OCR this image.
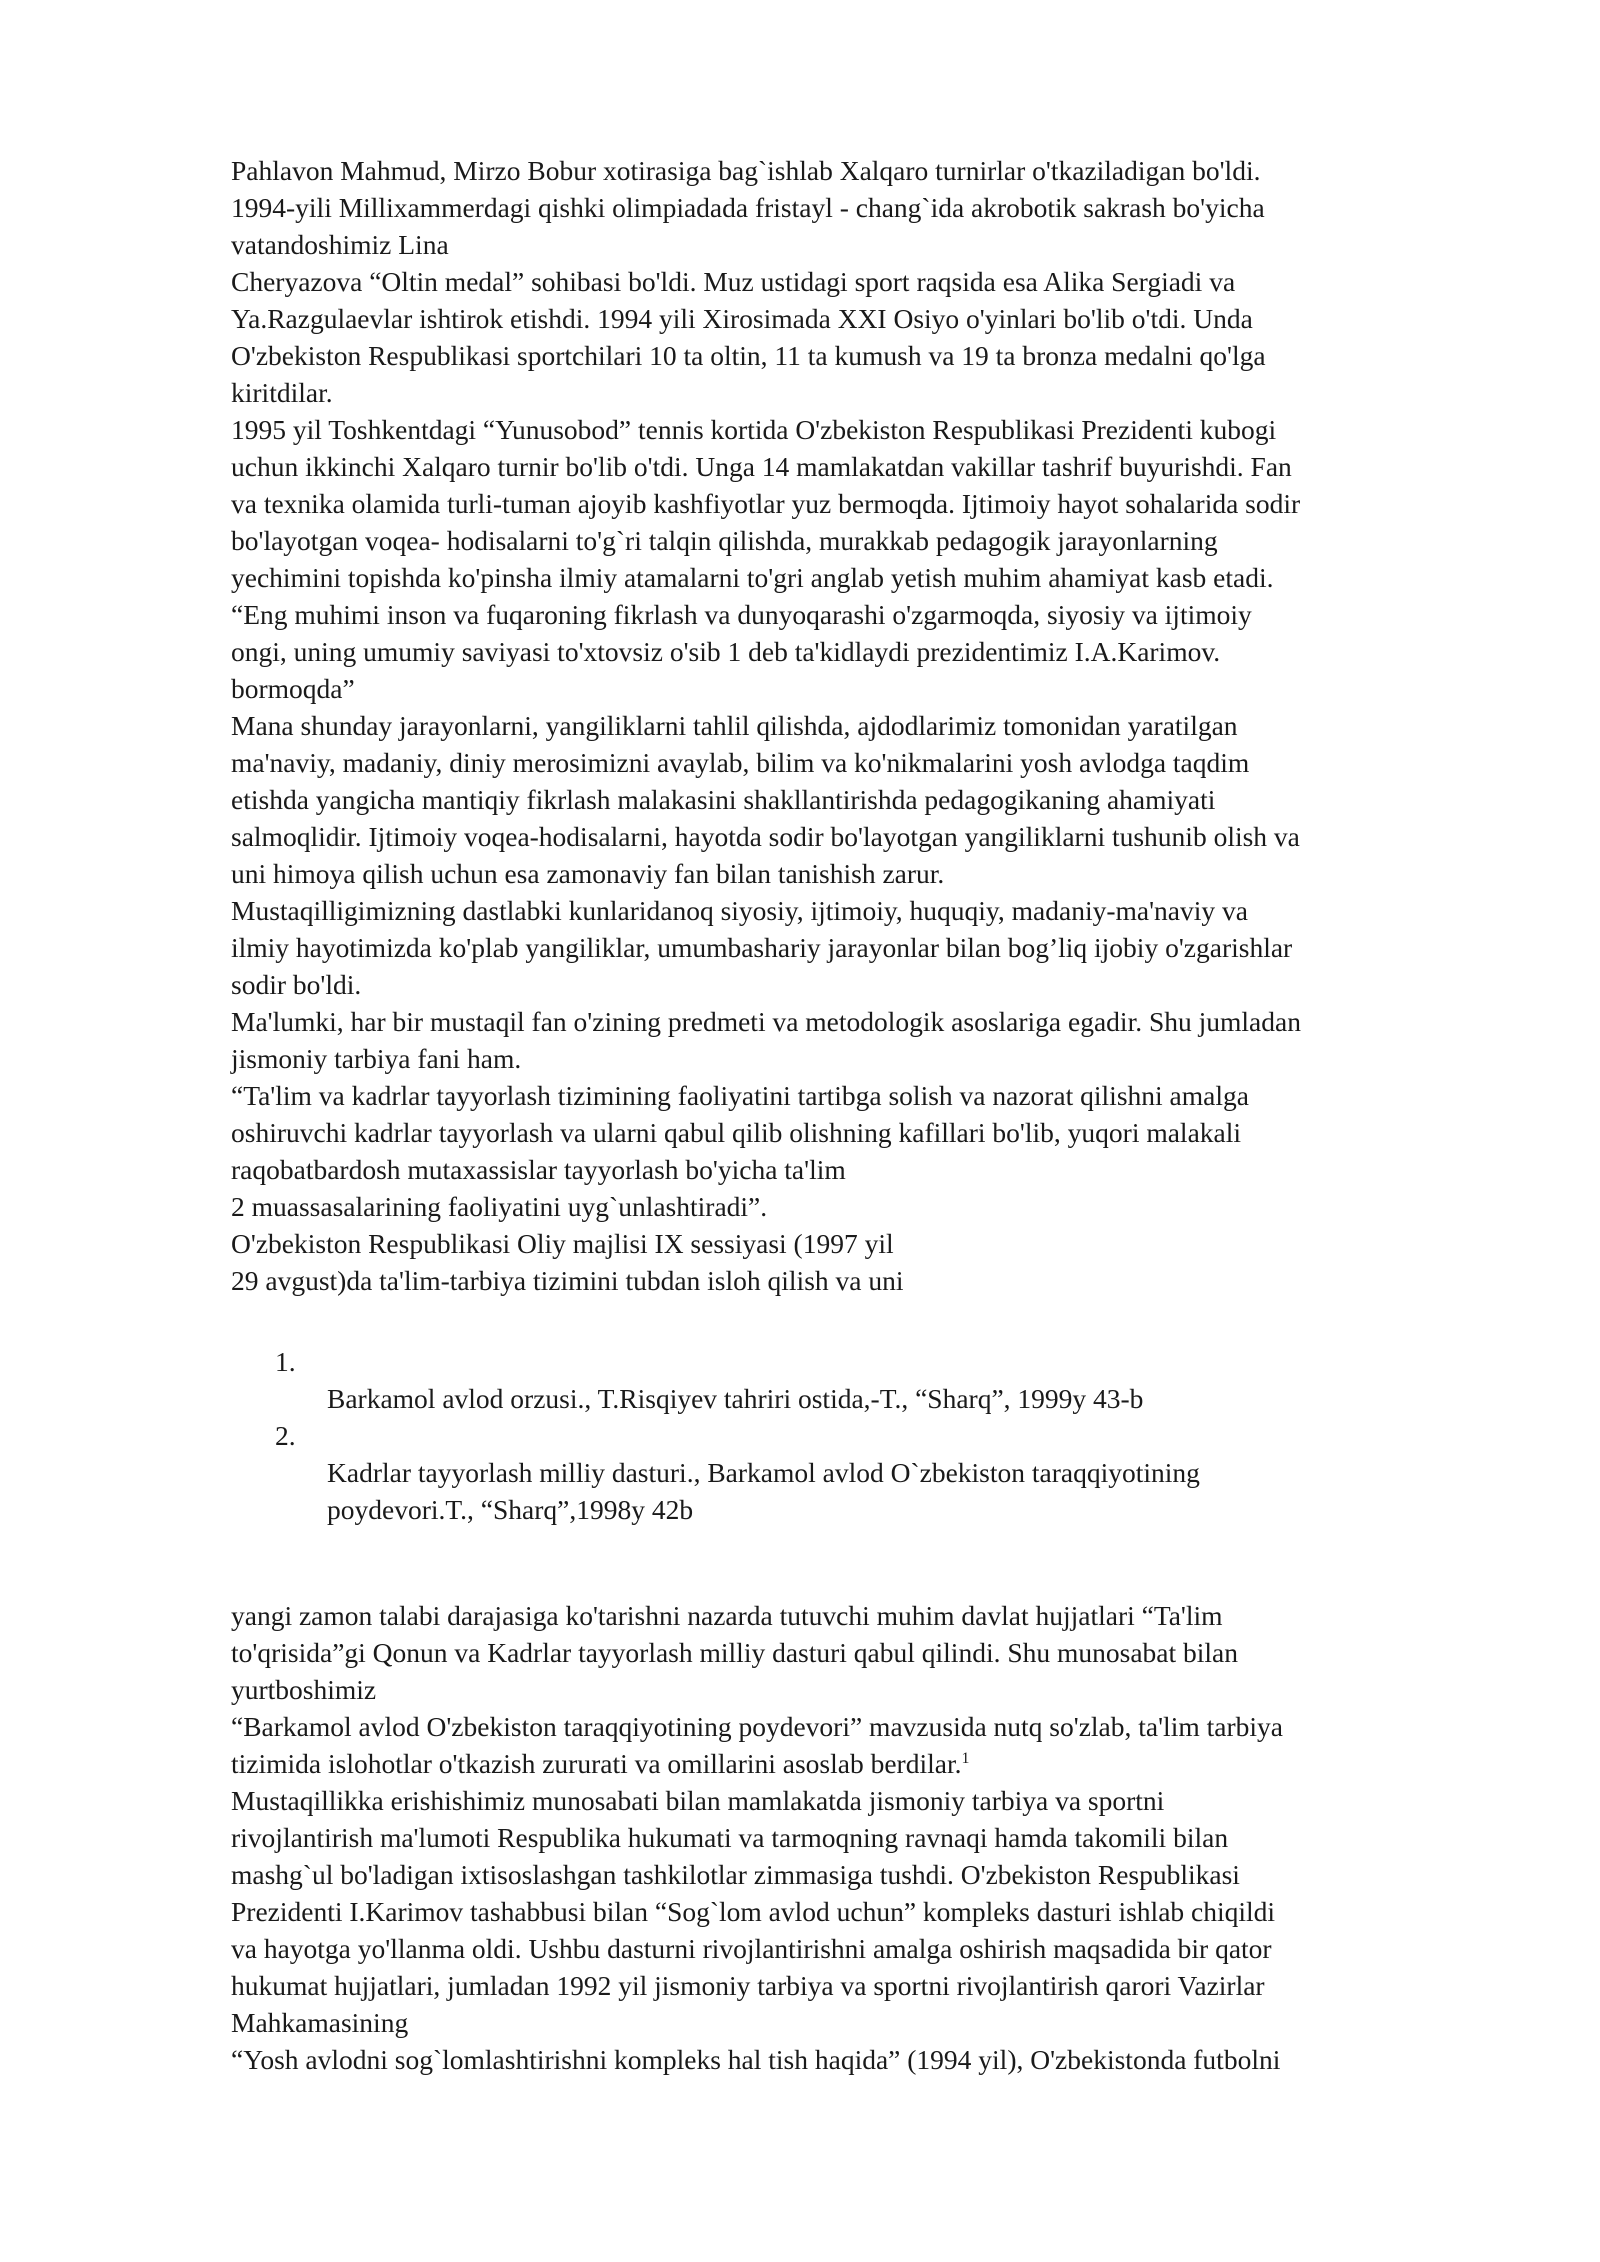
Pahlavon Mahmud, Mirzo Bobur xotirasiga bag`ishlab Xalqaro turnirlar o'tkaziladigan bo'ldi.
1994-yili Millixammerdagi qishki olimpiadada fristayl - chang`ida akrobotik sakrash bo'yicha
vatandoshimiz Lina
Cheryazova “Oltin medal” sohibasi bo'ldi. Muz ustidagi sport raqsida esa Alika Sergiadi va
Ya.Razgulaevlar ishtirok etishdi. 1994 yili Xirosimada XXI Osiyo o'yinlari bo'lib o'tdi. Unda
O'zbekiston Respublikasi sportchilari 10 ta oltin, 11 ta kumush va 19 ta bronza medalni qo'lga
kiritdilar.
1995 yil Toshkentdagi “Yunusobod” tennis kortida O'zbekiston Respublikasi Prezidenti kubogi
uchun ikkinchi Xalqaro turnir bo'lib o'tdi. Unga 14 mamlakatdan vakillar tashrif buyurishdi. Fan
va texnika olamida turli-tuman ajoyib kashfiyotlar yuz bermoqda. Ijtimoiy hayot sohalarida sodir
bo'layotgan voqea- hodisalarni to'g`ri talqin qilishda, murakkab pedagogik jarayonlarning
yechimini topishda ko'pinsha ilmiy atamalarni to'gri anglab yetish muhim ahamiyat kasb etadi.
“Eng muhimi inson va fuqaroning fikrlash va dunyoqarashi o'zgarmoqda, siyosiy va ijtimoiy
ongi, uning umumiy saviyasi to'xtovsiz o'sib 1 deb ta'kidlaydi prezidentimiz I.A.Karimov.
bormoqda”
Mana shunday jarayonlarni, yangiliklarni tahlil qilishda, ajdodlarimiz tomonidan yaratilgan
ma'naviy, madaniy, diniy merosimizni avaylab, bilim va ko'nikmalarini yosh avlodga taqdim
etishda yangicha mantiqiy fikrlash malakasini shakllantirishda pedagogikaning ahamiyati
salmoqlidir. Ijtimoiy voqea-hodisalarni, hayotda sodir bo'layotgan yangiliklarni tushunib olish va
uni himoya qilish uchun esa zamonaviy fan bilan tanishish zarur.
Mustaqilligimizning dastlabki kunlaridanoq siyosiy, ijtimoiy, huquqiy, madaniy-ma'naviy va
ilmiy hayotimizda ko'plab yangiliklar, umumbashariy jarayonlar bilan bog’liq ijobiy o'zgarishlar
sodir bo'ldi.
Ma'lumki, har bir mustaqil fan o'zining predmeti va metodologik asoslariga egadir. Shu jumladan
jismoniy tarbiya fani ham.
“Ta'lim va kadrlar tayyorlash tizimining faoliyatini tartibga solish va nazorat qilishni amalga
oshiruvchi kadrlar tayyorlash va ularni qabul qilib olishning kafillari bo'lib, yuqori malakali
raqobatbardosh mutaxassislar tayyorlash bo'yicha ta'lim
2 muassasalarining faoliyatini uyg`unlashtiradi”.
O'zbekiston Respublikasi Oliy majlisi IX sessiyasi (1997 yil
29 avgust)da ta'lim-tarbiya tizimini tubdan isloh qilish va uni
1.
Barkamol avlod orzusi., T.Risqiyev tahriri ostida,-T., “Sharq”, 1999y 43-b
2.
Kadrlar tayyorlash milliy dasturi., Barkamol avlod O`zbekiston taraqqiyotining
poydevori.T., “Sharq”,1998y 42b
yangi zamon talabi darajasiga ko'tarishni nazarda tutuvchi muhim davlat hujjatlari “Ta'lim
to'qrisida”gi Qonun va Kadrlar tayyorlash milliy dasturi qabul qilindi. Shu munosabat bilan
yurtboshimiz
“Barkamol avlod O'zbekiston taraqqiyotining poydevori” mavzusida nutq so'zlab, ta'lim tarbiya
tizimida islohotlar o'tkazish zururati va omillarini asoslab berdilar.$^1$
Mustaqillikka erishishimiz munosabati bilan mamlakatda jismoniy tarbiya va sportni
rivojlantirish ma'lumoti Respublika hukumati va tarmoqning ravnaqi hamda takomili bilan
mashg`ul bo'ladigan ixtisoslashgan tashkilotlar zimmasiga tushdi. O'zbekiston Respublikasi
Prezidenti I.Karimov tashabbusi bilan “Sog`lom avlod uchun” kompleks dasturi ishlab chiqildi
va hayotga yo'llanma oldi. Ushbu dasturni rivojlantirishni amalga oshirish maqsadida bir qator
hukumat hujjatlari, jumladan 1992 yil jismoniy tarbiya va sportni rivojlantirish qarori Vazirlar
Mahkamasining
“Yosh avlodni sog`lomlashtirishni kompleks hal tish haqida” (1994 yil), O'zbekistonda futbolni
